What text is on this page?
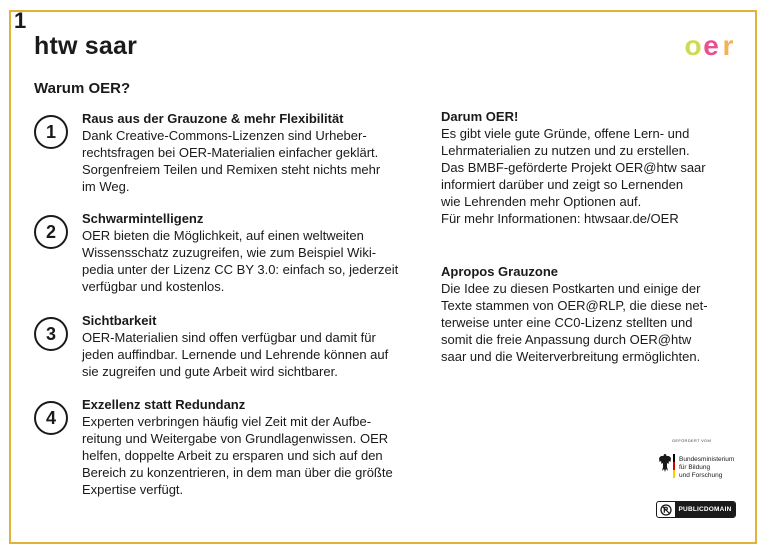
1
htw saar	o e r
Warum OER?
1
Raus aus der Grauzone & mehr Flexibilität
Dank Creative-Commons-Lizenzen sind Urheber-
rechtsfragen bei OER-Materialien einfacher geklärt.
Sorgenfreiem Teilen und Remixen steht nichts mehr
im Weg.
2
Schwarmintelligenz
OER bieten die Möglichkeit, auf einen weltweiten
Wissensschatz zuzugreifen, wie zum Beispiel Wiki-
pedia unter der Lizenz CC BY 3.0: einfach so, jederzeit
verfügbar und kostenlos.
3
Sichtbarkeit
OER-Materialien sind offen verfügbar und damit für
jeden auffindbar. Lernende und Lehrende können auf
sie zugreifen und gute Arbeit wird sichtbarer.
4
Exzellenz statt Redundanz
Experten verbringen häufig viel Zeit mit der Aufbe-
reitung und Weitergabe von Grundlagenwissen. OER
helfen, doppelte Arbeit zu ersparen und sich auf den
Bereich zu konzentrieren, in dem man über die größte
Expertise verfügt.
Darum OER!
Es gibt viele gute Gründe, offene Lern- und
Lehrmaterialien zu nutzen und zu erstellen.
Das BMBF-geförderte Projekt OER@htw saar
informiert darüber und zeigt so Lernenden
wie Lehrenden mehr Optionen auf.
Für mehr Informationen: htwsaar.de/OER
Apropos Grauzone
Die Idee zu diesen Postkarten und einige der
Texte stammen von OER@RLP, die diese net-
terweise unter eine CC0-Lizenz stellten und
somit die freie Anpassung durch OER@htw
saar und die Weiterverbreitung ermöglichten.
GEFÖRDERT VOM
Bundesministerium
für Bildung
und Forschung
PUBLICDOMAIN
